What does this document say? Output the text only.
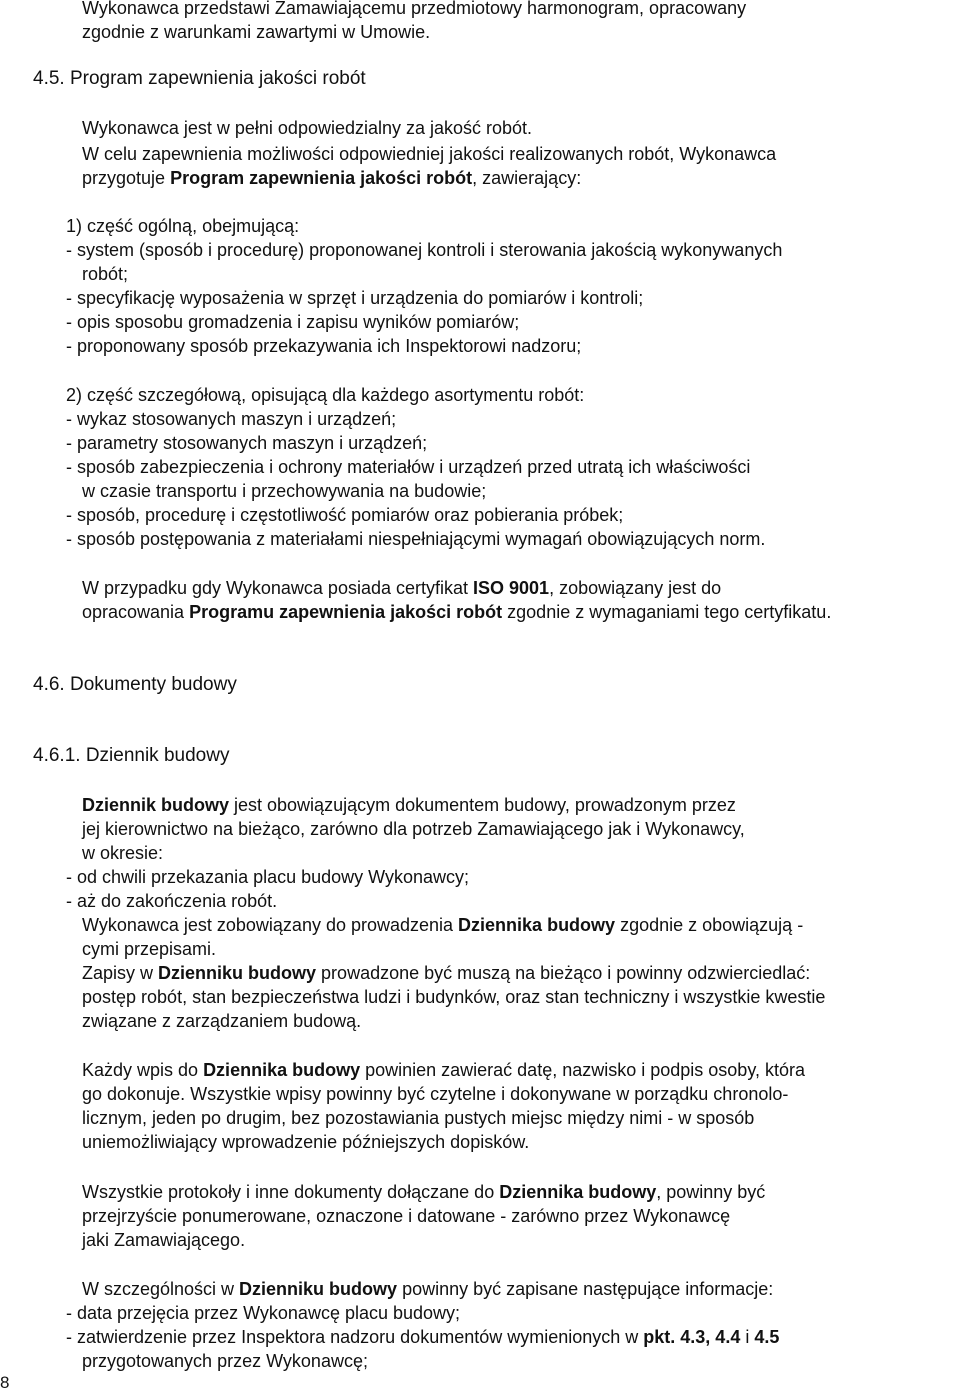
Wykonawca przedstawi Zamawiającemu przedmiotowy harmonogram, opracowany
zgodnie z warunkami zawartymi w Umowie.
4.5. Program zapewnienia jakości robót
Wykonawca jest w pełni odpowiedzialny za jakość robót.
W celu zapewnienia możliwości odpowiedniej jakości realizowanych robót, Wykonawca
przygotuje Program zapewnienia jakości robót, zawierający:
1) część ogólną, obejmującą:
- system (sposób i procedurę) proponowanej kontroli i sterowania jakością wykonywanych
robót;
- specyfikację wyposażenia w sprzęt i urządzenia do pomiarów i kontroli;
- opis sposobu gromadzenia i zapisu wyników pomiarów;
- proponowany sposób przekazywania ich Inspektorowi nadzoru;
2) część szczegółową, opisującą dla każdego asortymentu robót:
- wykaz stosowanych maszyn i urządzeń;
- parametry stosowanych maszyn i urządzeń;
- sposób zabezpieczenia i ochrony materiałów i urządzeń przed utratą ich właściwości
w czasie transportu i przechowywania na budowie;
- sposób, procedurę i częstotliwość pomiarów oraz pobierania próbek;
- sposób postępowania z materiałami niespełniającymi wymagań obowiązujących norm.
W przypadku gdy Wykonawca posiada certyfikat ISO 9001, zobowiązany jest do
opracowania Programu zapewnienia jakości robót zgodnie z wymaganiami tego certyfikatu.
4.6. Dokumenty budowy
4.6.1. Dziennik budowy
Dziennik budowy jest obowiązującym dokumentem budowy, prowadzonym przez
jej kierownictwo na bieżąco, zarówno dla potrzeb Zamawiającego jak i Wykonawcy,
w okresie:
- od chwili przekazania placu budowy Wykonawcy;
- aż do zakończenia robót.
Wykonawca jest zobowiązany do prowadzenia Dziennika budowy zgodnie z obowiązują -
cymi przepisami.
Zapisy w Dzienniku budowy prowadzone być muszą na bieżąco i powinny odzwierciedlać:
postęp robót, stan bezpieczeństwa ludzi i budynków, oraz stan techniczny i wszystkie kwestie
związane z zarządzaniem budową.
Każdy wpis do Dziennika budowy powinien zawierać datę, nazwisko i podpis osoby, która
go dokonuje. Wszystkie wpisy powinny być czytelne i dokonywane w porządku chronolo-
licznym, jeden po drugim, bez pozostawiania pustych miejsc między nimi - w sposób
uniemożliwiający wprowadzenie późniejszych dopisków.
Wszystkie protokoły i inne dokumenty dołączane do Dziennika budowy, powinny być
przejrzyście ponumerowane, oznaczone i datowane - zarówno przez Wykonawcę
jaki Zamawiającego.
W szczególności w Dzienniku budowy powinny być zapisane następujące informacje:
- data przejęcia przez Wykonawcę placu budowy;
- zatwierdzenie przez Inspektora nadzoru dokumentów wymienionych w pkt. 4.3, 4.4 i 4.5
przygotowanych przez Wykonawcę;
8
